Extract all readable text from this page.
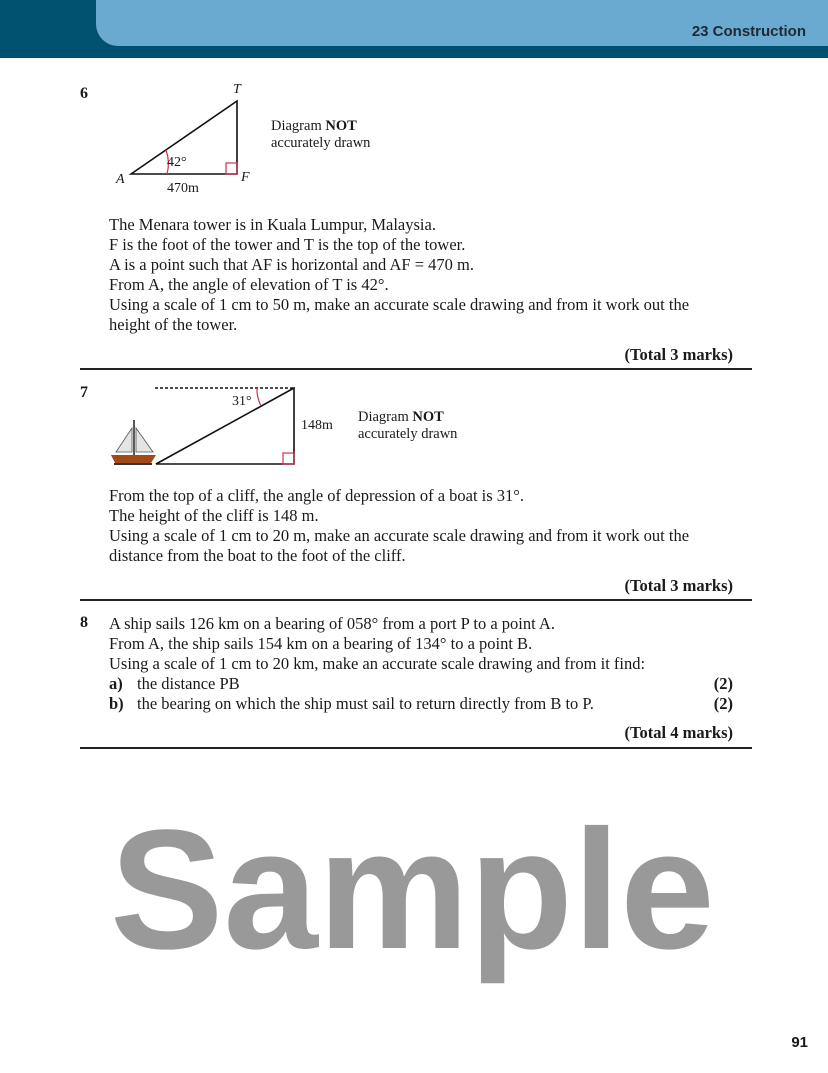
23 Construction
6	T
A	F
42°
470m
Diagram NOT
accurately drawn
The Menara tower is in Kuala Lumpur, Malaysia.
F is the foot of the tower and T is the top of the tower.
A is a point such that AF is horizontal and AF = 470 m.
From A, the angle of elevation of T is 42°.
Using a scale of 1 cm to 50 m, make an accurate scale drawing and from it work out the
height of the tower.
(Total 3 marks)
7
31°
148m
Diagram NOT
accurately drawn
From the top of a cliff, the angle of depression of a boat is 31°.
The height of the cliff is 148 m.
Using a scale of 1 cm to 20 m, make an accurate scale drawing and from it work out the
distance from the boat to the foot of the cliff.
(Total 3 marks)
8 A ship sails 126 km on a bearing of 058° from a port P to a point A.
From A, the ship sails 154 km on a bearing of 134° to a point B.
Using a scale of 1 cm to 20 km, make an accurate scale drawing and from it find:
a) the distance PB	(2)
b) the bearing on which the ship must sail to return directly from B to P.	(2)
(Total 4 marks)
Sample
91
